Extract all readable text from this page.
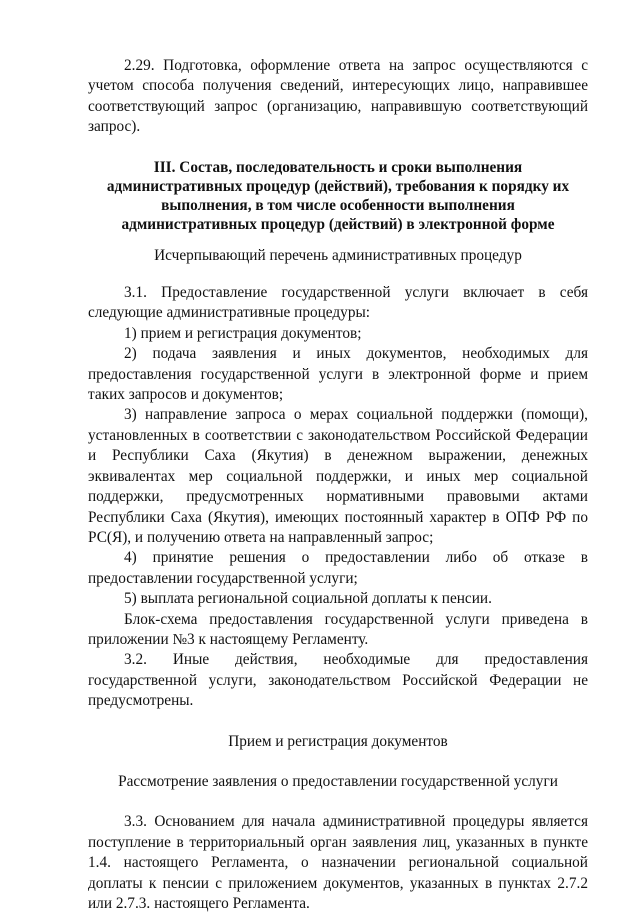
2.29. Подготовка, оформление ответа на запрос осуществляются с учетом способа получения сведений, интересующих лицо, направившее соответствующий запрос (организацию, направившую соответствующий запрос).

III. Состав, последовательность и сроки выполнения административных процедур (действий), требования к порядку их выполнения, в том числе особенности выполнения административных процедур (действий) в электронной форме

Исчерпывающий перечень административных процедур

3.1. Предоставление государственной услуги включает в себя следующие административные процедуры:

1) прием и регистрация документов;

2) подача заявления и иных документов, необходимых для предоставления государственной услуги в электронной форме и прием таких запросов и документов;

3) направление запроса о мерах социальной поддержки (помощи), установленных в соответствии с законодательством Российской Федерации и Республики Саха (Якутия) в денежном выражении, денежных эквивалентах мер социальной поддержки, и иных мер социальной поддержки, предусмотренных нормативными правовыми актами Республики Саха (Якутия), имеющих постоянный характер в ОПФ РФ по РС(Я), и получению ответа на направленный запрос;

4) принятие решения о предоставлении либо об отказе в предоставлении государственной услуги;

5) выплата региональной социальной доплаты к пенсии.

Блок-схема предоставления государственной услуги приведена в приложении №3 к настоящему Регламенту.

3.2. Иные действия, необходимые для предоставления государственной услуги, законодательством Российской Федерации не предусмотрены.

Прием и регистрация документов

Рассмотрение заявления о предоставлении государственной услуги

3.3. Основанием для начала административной процедуры является поступление в территориальный орган заявления лиц, указанных в пункте 1.4. настоящего Регламента, о назначении региональной социальной доплаты к пенсии с приложением документов, указанных в пунктах 2.7.2 или 2.7.3. настоящего Регламента.
